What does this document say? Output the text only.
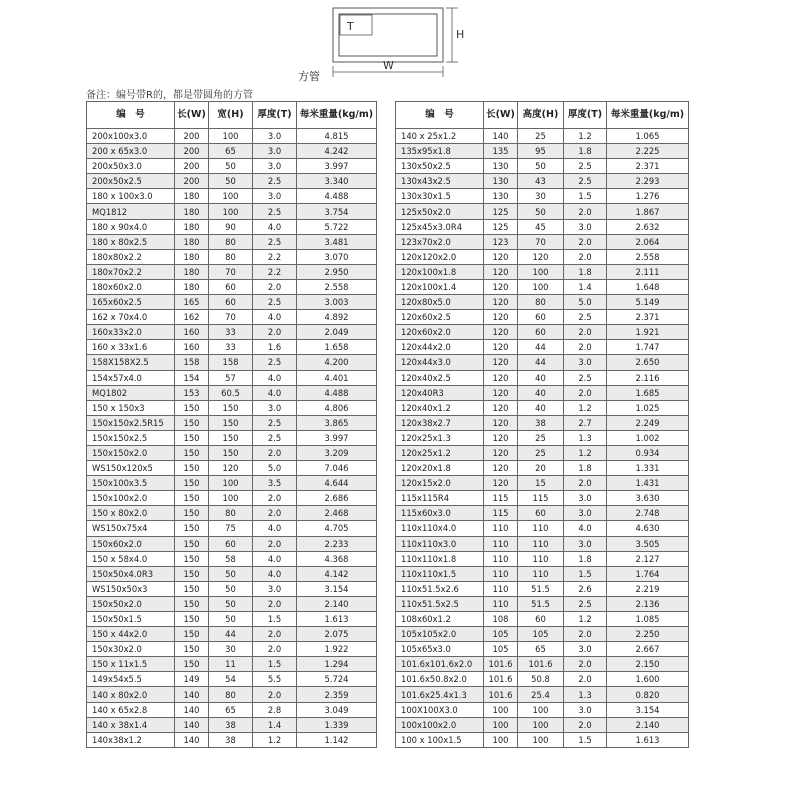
T
H
W
方管
备注：编号带R的，都是带圆角的方管
编　号	长(W)	宽(H)	厚度(T)	每米重量(kg/m)
200x100x3.0	200	100	3.0	4.815
200 x 65x3.0	200	65	3.0	4.242
200x50x3.0	200	50	3.0	3.997
200x50x2.5	200	50	2.5	3.340
180 x 100x3.0	180	100	3.0	4.488
MQ1812	180	100	2.5	3.754
180 x 90x4.0	180	90	4.0	5.722
180 x 80x2.5	180	80	2.5	3.481
180x80x2.2	180	80	2.2	3.070
180x70x2.2	180	70	2.2	2.950
180x60x2.0	180	60	2.0	2.558
165x60x2.5	165	60	2.5	3.003
162 x 70x4.0	162	70	4.0	4.892
160x33x2.0	160	33	2.0	2.049
160 x 33x1.6	160	33	1.6	1.658
158X158X2.5	158	158	2.5	4.200
154x57x4.0	154	57	4.0	4.401
MQ1802	153	60.5	4.0	4.488
150 x 150x3	150	150	3.0	4.806
150x150x2.5R15	150	150	2.5	3.865
150x150x2.5	150	150	2.5	3.997
150x150x2.0	150	150	2.0	3.209
WS150x120x5	150	120	5.0	7.046
150x100x3.5	150	100	3.5	4.644
150x100x2.0	150	100	2.0	2.686
150 x 80x2.0	150	80	2.0	2.468
WS150x75x4	150	75	4.0	4.705
150x60x2.0	150	60	2.0	2.233
150 x 58x4.0	150	58	4.0	4.368
150x50x4.0R3	150	50	4.0	4.142
WS150x50x3	150	50	3.0	3.154
150x50x2.0	150	50	2.0	2.140
150x50x1.5	150	50	1.5	1.613
150 x 44x2.0	150	44	2.0	2.075
150x30x2.0	150	30	2.0	1.922
150 x 11x1.5	150	11	1.5	1.294
149x54x5.5	149	54	5.5	5.724
140 x 80x2.0	140	80	2.0	2.359
140 x 65x2.8	140	65	2.8	3.049
140 x 38x1.4	140	38	1.4	1.339
140x38x1.2	140	38	1.2	1.142
编　号	长(W)	高度(H)	厚度(T)	每米重量(kg/m)
140 x 25x1.2	140	25	1.2	1.065
135x95x1.8	135	95	1.8	2.225
130x50x2.5	130	50	2.5	2.371
130x43x2.5	130	43	2.5	2.293
130x30x1.5	130	30	1.5	1.276
125x50x2.0	125	50	2.0	1.867
125x45x3.0R4	125	45	3.0	2.632
123x70x2.0	123	70	2.0	2.064
120x120x2.0	120	120	2.0	2.558
120x100x1.8	120	100	1.8	2.111
120x100x1.4	120	100	1.4	1.648
120x80x5.0	120	80	5.0	5.149
120x60x2.5	120	60	2.5	2.371
120x60x2.0	120	60	2.0	1.921
120x44x2.0	120	44	2.0	1.747
120x44x3.0	120	44	3.0	2.650
120x40x2.5	120	40	2.5	2.116
120x40R3	120	40	2.0	1.685
120x40x1.2	120	40	1.2	1.025
120x38x2.7	120	38	2.7	2.249
120x25x1.3	120	25	1.3	1.002
120x25x1.2	120	25	1.2	0.934
120x20x1.8	120	20	1.8	1.331
120x15x2.0	120	15	2.0	1.431
115x115R4	115	115	3.0	3.630
115x60x3.0	115	60	3.0	2.748
110x110x4.0	110	110	4.0	4.630
110x110x3.0	110	110	3.0	3.505
110x110x1.8	110	110	1.8	2.127
110x110x1.5	110	110	1.5	1.764
110x51.5x2.6	110	51.5	2.6	2.219
110x51.5x2.5	110	51.5	2.5	2.136
108x60x1.2	108	60	1.2	1.085
105x105x2.0	105	105	2.0	2.250
105x65x3.0	105	65	3.0	2.667
101.6x101.6x2.0	101.6	101.6	2.0	2.150
101.6x50.8x2.0	101.6	50.8	2.0	1.600
101.6x25.4x1.3	101.6	25.4	1.3	0.820
100X100X3.0	100	100	3.0	3.154
100x100x2.0	100	100	2.0	2.140
100 x 100x1.5	100	100	1.5	1.613
